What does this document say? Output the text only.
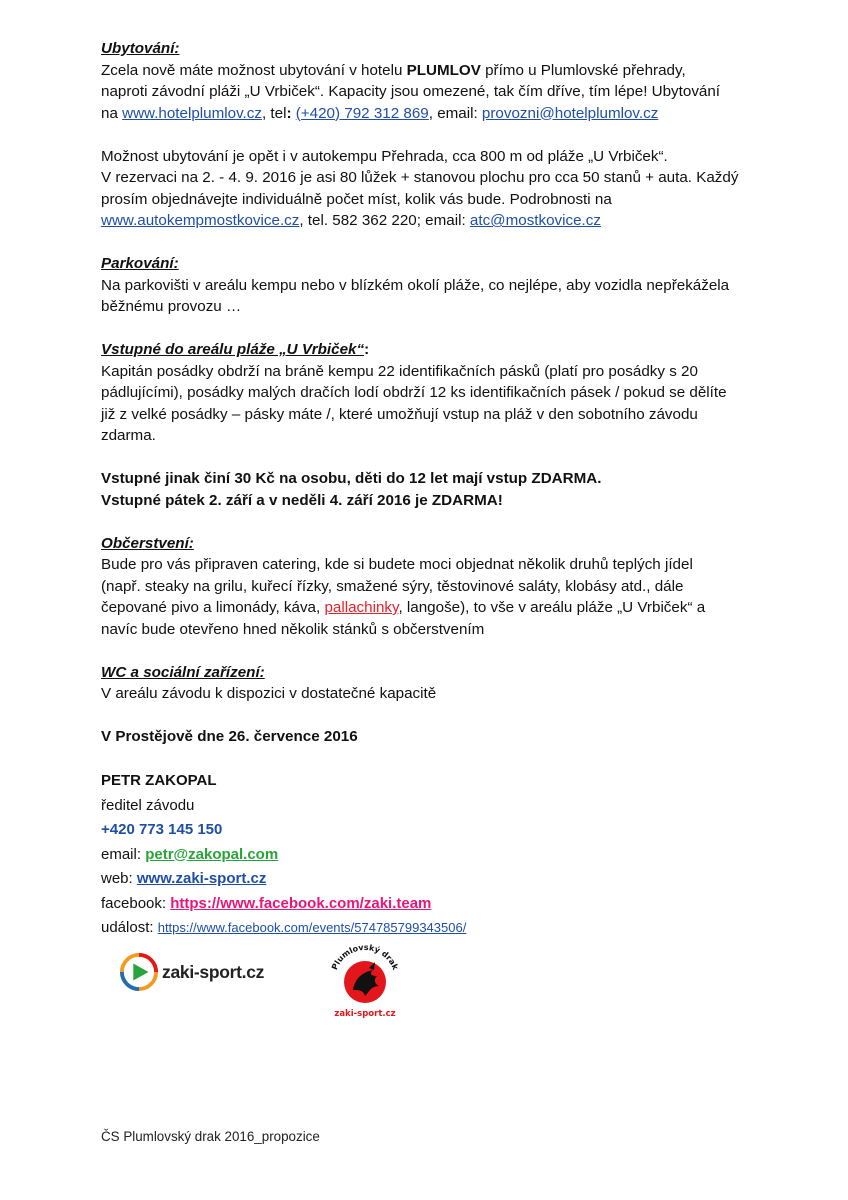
Ubytování:

Zcela nově máte možnost ubytování v hotelu PLUMLOV přímo u Plumlovské přehrady,

naproti závodní pláži „U Vrbiček“. Kapacity jsou omezené, tak čím dříve, tím lépe! Ubytování

na www.hotelplumlov.cz, tel: (+420) 792 312 869, email: provozni@hotelplumlov.cz

Možnost ubytování je opět i v autokempu Přehrada, cca 800 m od pláže „U Vrbiček“.

V rezervaci na 2. - 4. 9. 2016 je asi 80 lůžek + stanovou plochu pro cca 50 stanů + auta. Každý

prosím objednávejte individuálně počet míst, kolik vás bude. Podrobnosti na

www.autokempmostkovice.cz, tel. 582 362 220; email: atc@mostkovice.cz

Parkování:

Na parkovišti v areálu kempu nebo v blízkém okolí pláže, co nejlépe, aby vozidla nepřekážela

běžnému provozu …

Vstupné do areálu pláže „U Vrbiček“:

Kapitán posádky obdrží na bráně kempu 22 identifikačních pásků (platí pro posádky s 20

pádlujícími), posádky malých dračích lodí obdrží 12 ks identifikačních pásek / pokud se dělíte

již z velké posádky – pásky máte /, které umožňují vstup na pláž v den sobotního závodu

zdarma.

Vstupné jinak činí 30 Kč na osobu, děti do 12 let mají vstup ZDARMA.

Vstupné pátek 2. září a v neděli 4. září 2016 je ZDARMA!

Občerstvení:

Bude pro vás připraven catering, kde si budete moci objednat několik druhů teplých jídel

(např. steaky na grilu, kuřecí řízky, smažené sýry, těstovinové saláty, klobásy atd., dále

čepované pivo a limonády, káva, pallachinky, langoše), to vše v areálu pláže „U Vrbiček“ a

navíc bude otevřeno hned několik stánků s občerstvením

WC a sociální zařízení:

V areálu závodu k dispozici v dostatečné kapacitě

V Prostějově dne 26. července 2016

PETR ZAKOPAL

ředitel závodu

+420 773 145 150

email: petr@zakopal.com

web: www.zaki-sport.cz

facebook: https://www.facebook.com/zaki.team

událost: https://www.facebook.com/events/574785799343506/

zaki-sport.cz	Plumlovský drak
zaki-sport.cz
ČS Plumlovský drak 2016_propozice
